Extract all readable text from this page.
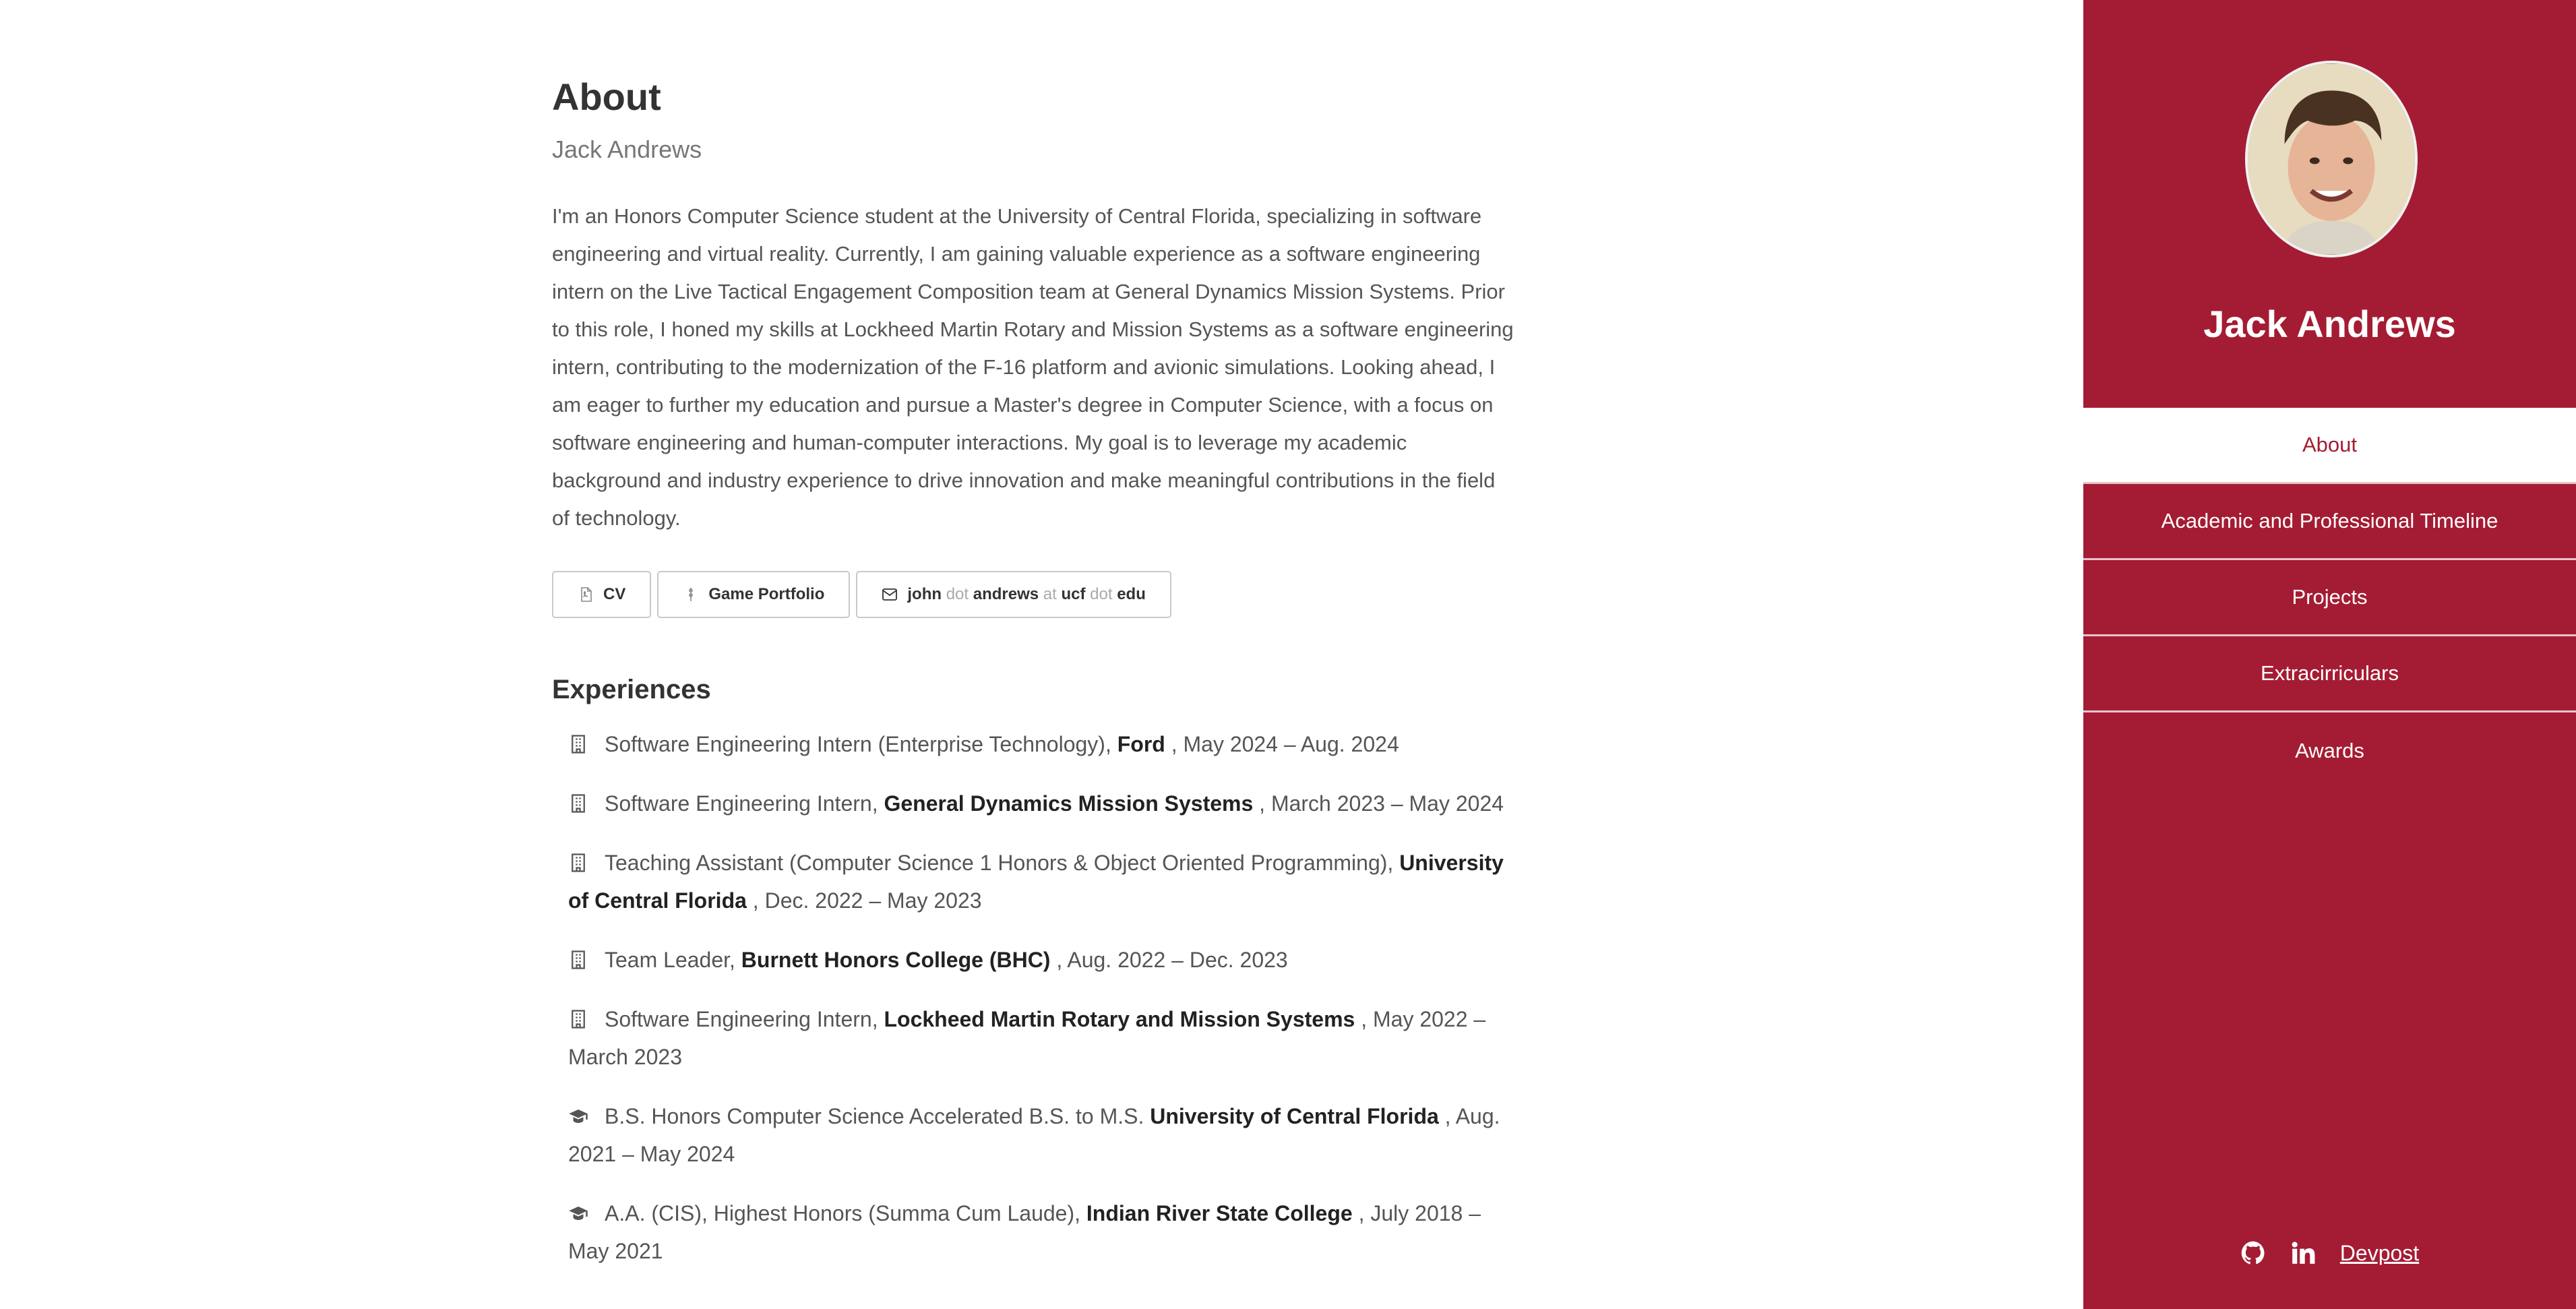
About
Jack Andrews

I'm an Honors Computer Science student at the University of Central Florida, specializing in software engineering and virtual reality. Currently, I am gaining valuable experience as a software engineering intern on the Live Tactical Engagement Composition team at General Dynamics Mission Systems. Prior to this role, I honed my skills at Lockheed Martin Rotary and Mission Systems as a software engineering intern, contributing to the modernization of the F-16 platform and avionic simulations. Looking ahead, I am eager to further my education and pursue a Master's degree in Computer Science, with a focus on software engineering and human-computer interactions. My goal is to leverage my academic background and industry experience to drive innovation and make meaningful contributions in the field of technology.

CV	Game Portfolio	john dot andrews at ucf dot edu
Experiences
Software Engineering Intern (Enterprise Technology), Ford , May 2024 – Aug. 2024
Software Engineering Intern, General Dynamics Mission Systems , March 2023 – May 2024
Teaching Assistant (Computer Science 1 Honors & Object Oriented Programming), University of Central Florida , Dec. 2022 – May 2023
Team Leader, Burnett Honors College (BHC) , Aug. 2022 – Dec. 2023
Software Engineering Intern, Lockheed Martin Rotary and Mission Systems , May 2022 – March 2023
B.S. Honors Computer Science Accelerated B.S. to M.S. University of Central Florida , Aug. 2021 – May 2024
A.A. (CIS), Highest Honors (Summa Cum Laude), Indian River State College , July 2018 – May 2021
Jack Andrews
About
Academic and Professional Timeline
Projects
Extracirriculars
Awards
Devpost
